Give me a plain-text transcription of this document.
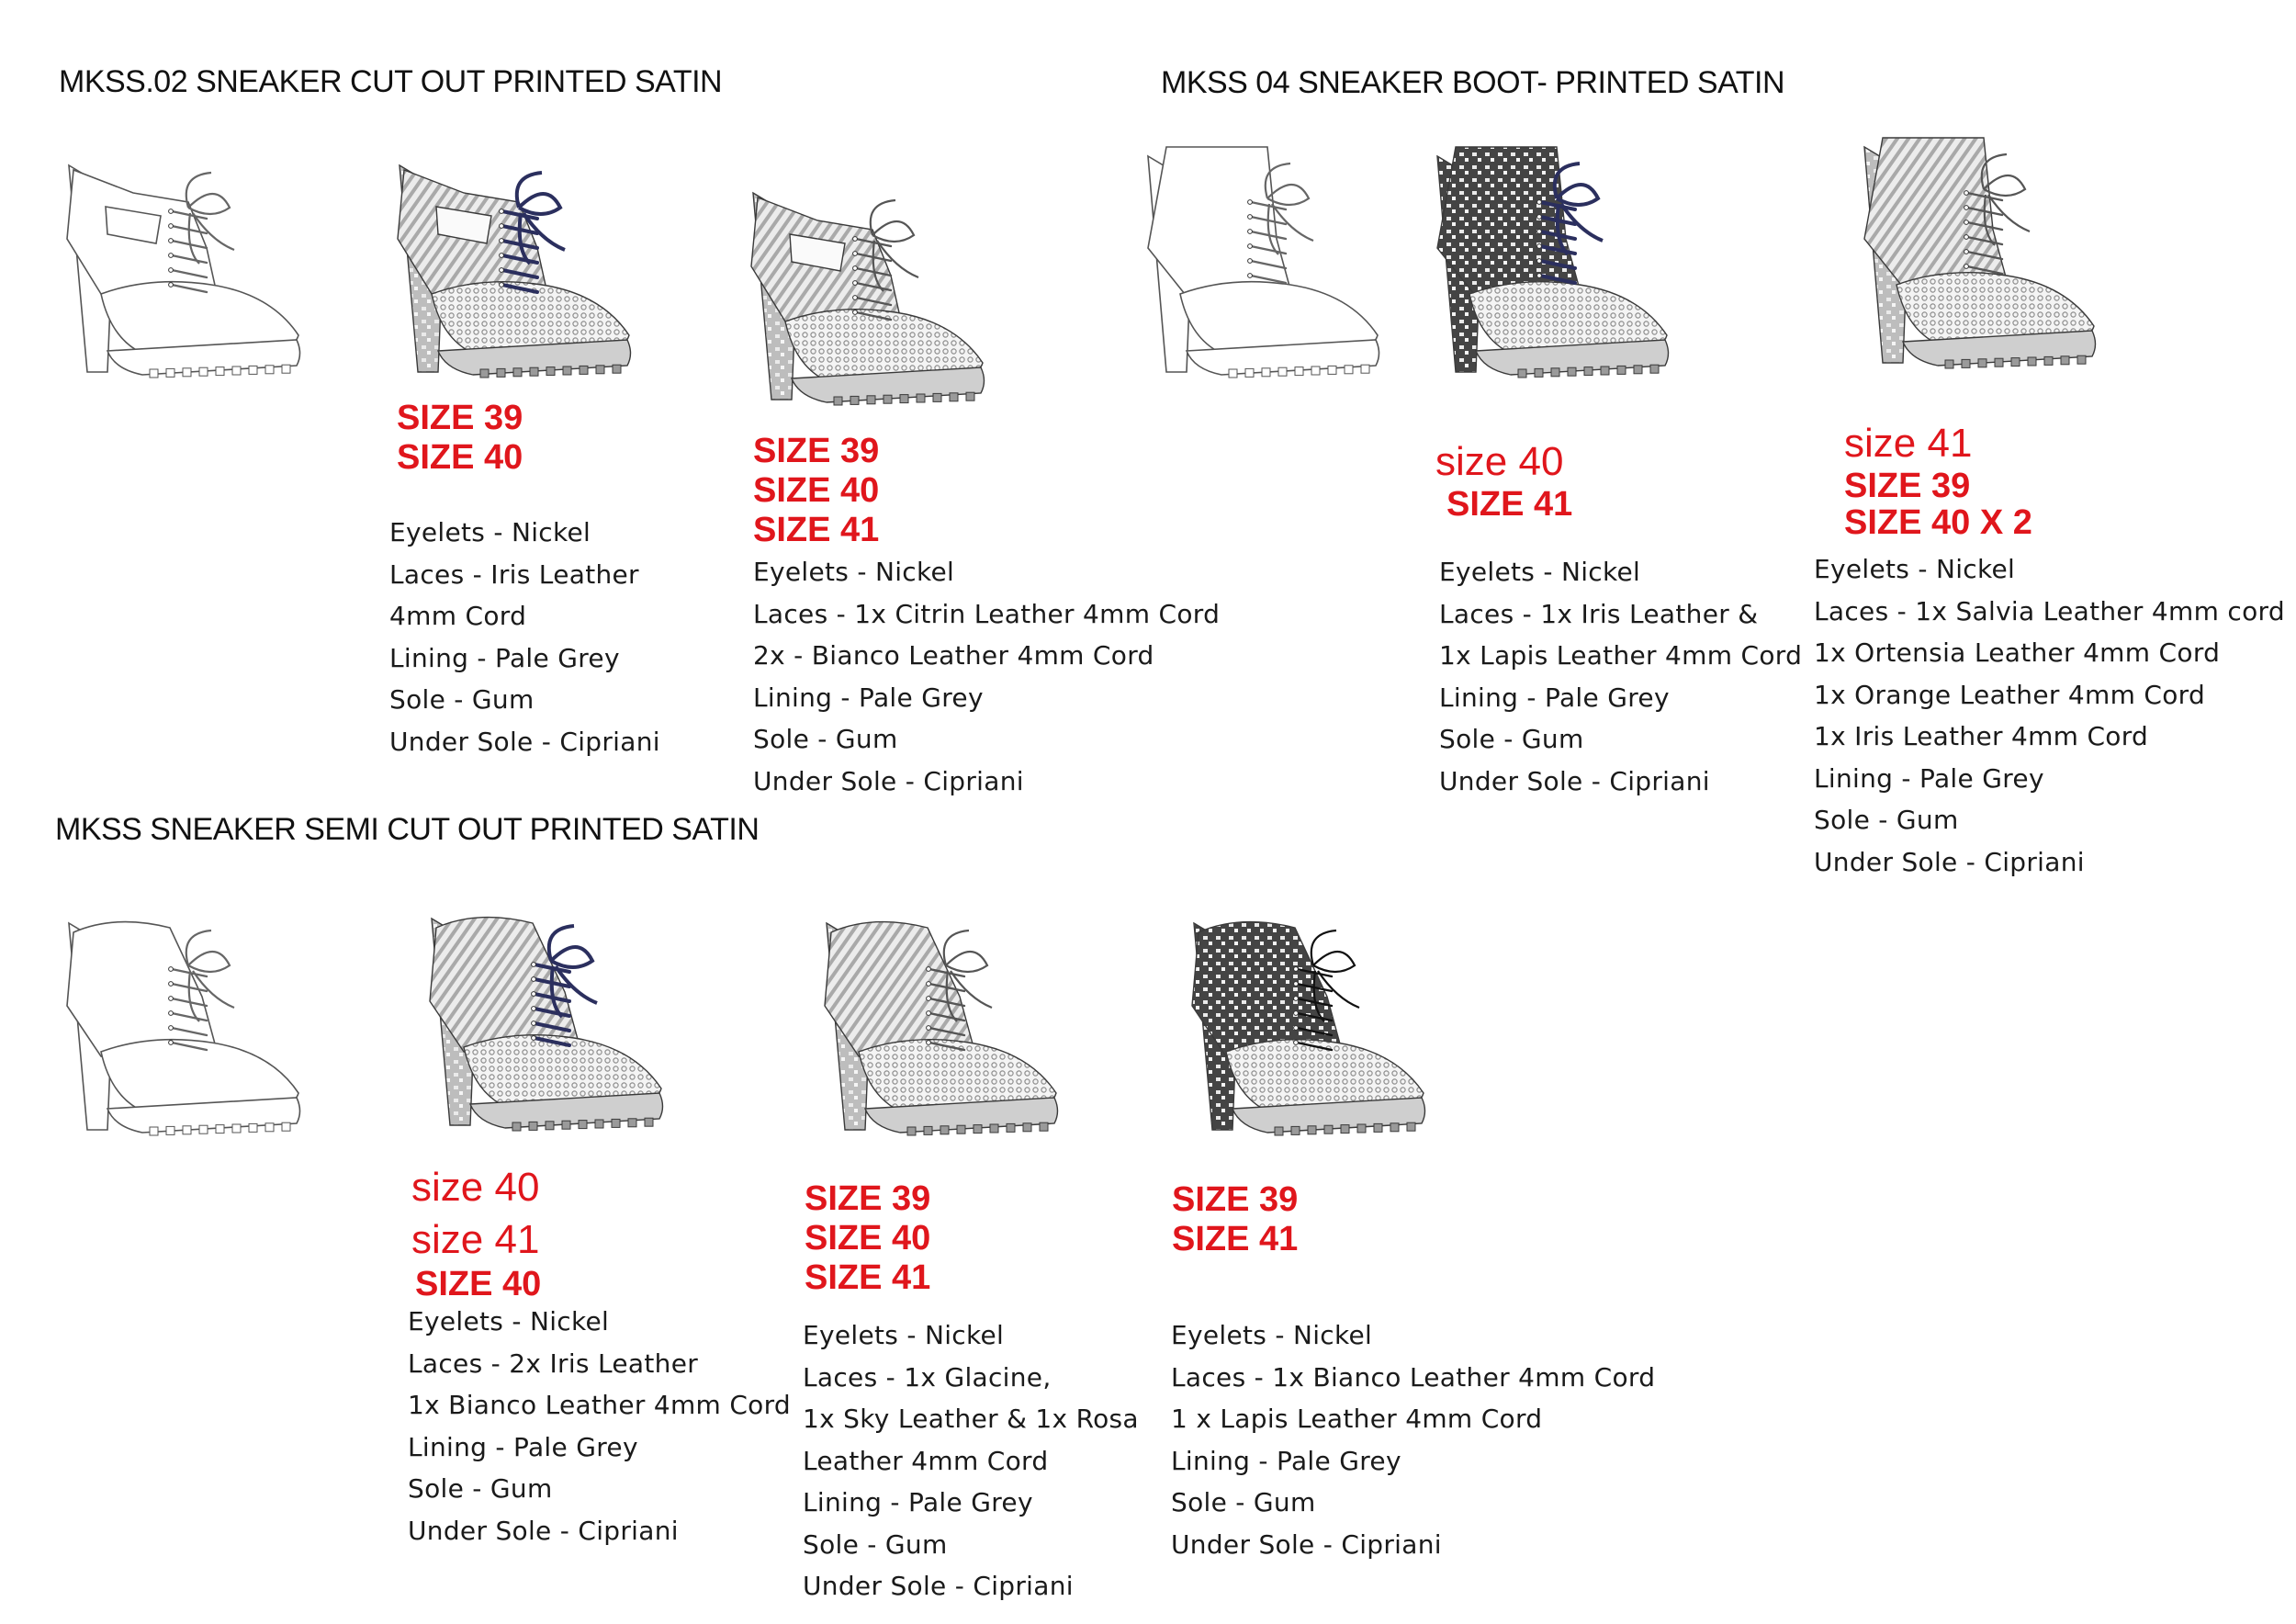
MKSS.02 SNEAKER CUT OUT PRINTED SATIN	MKSS 04 SNEAKER BOOT- PRINTED SATIN
MKSS SNEAKER SEMI CUT OUT PRINTED SATIN
SIZE 39
SIZE 40
Eyelets - Nickel
Laces - Iris Leather
4mm Cord
Lining - Pale Grey
Sole - Gum
Under Sole - Cipriani
SIZE 39
SIZE 40
SIZE 41
Eyelets - Nickel
Laces - 1x Citrin Leather 4mm Cord
2x - Bianco Leather 4mm Cord
Lining - Pale Grey
Sole - Gum
Under Sole - Cipriani
size 40
SIZE 41
Eyelets - Nickel
Laces - 1x Iris Leather &
1x Lapis Leather 4mm Cord
Lining - Pale Grey
Sole - Gum
Under Sole - Cipriani
size 41
SIZE 39
SIZE 40 X 2
Eyelets - Nickel
Laces - 1x Salvia Leather 4mm cord
1x Ortensia Leather 4mm Cord
1x Orange Leather 4mm Cord
1x Iris Leather 4mm Cord
Lining - Pale Grey
Sole - Gum
Under Sole - Cipriani
size 40
size 41
SIZE 40
Eyelets - Nickel
Laces - 2x Iris Leather
1x Bianco Leather 4mm Cord
Lining - Pale Grey
Sole - Gum
Under Sole - Cipriani
SIZE 39
SIZE 40
SIZE 41
Eyelets - Nickel
Laces - 1x Glacine,
1x Sky Leather & 1x Rosa
Leather 4mm Cord
Lining - Pale Grey
Sole - Gum
Under Sole - Cipriani
SIZE 39
SIZE 41
Eyelets - Nickel
Laces - 1x Bianco Leather 4mm Cord
1 x Lapis Leather 4mm Cord
Lining - Pale Grey
Sole - Gum
Under Sole - Cipriani
